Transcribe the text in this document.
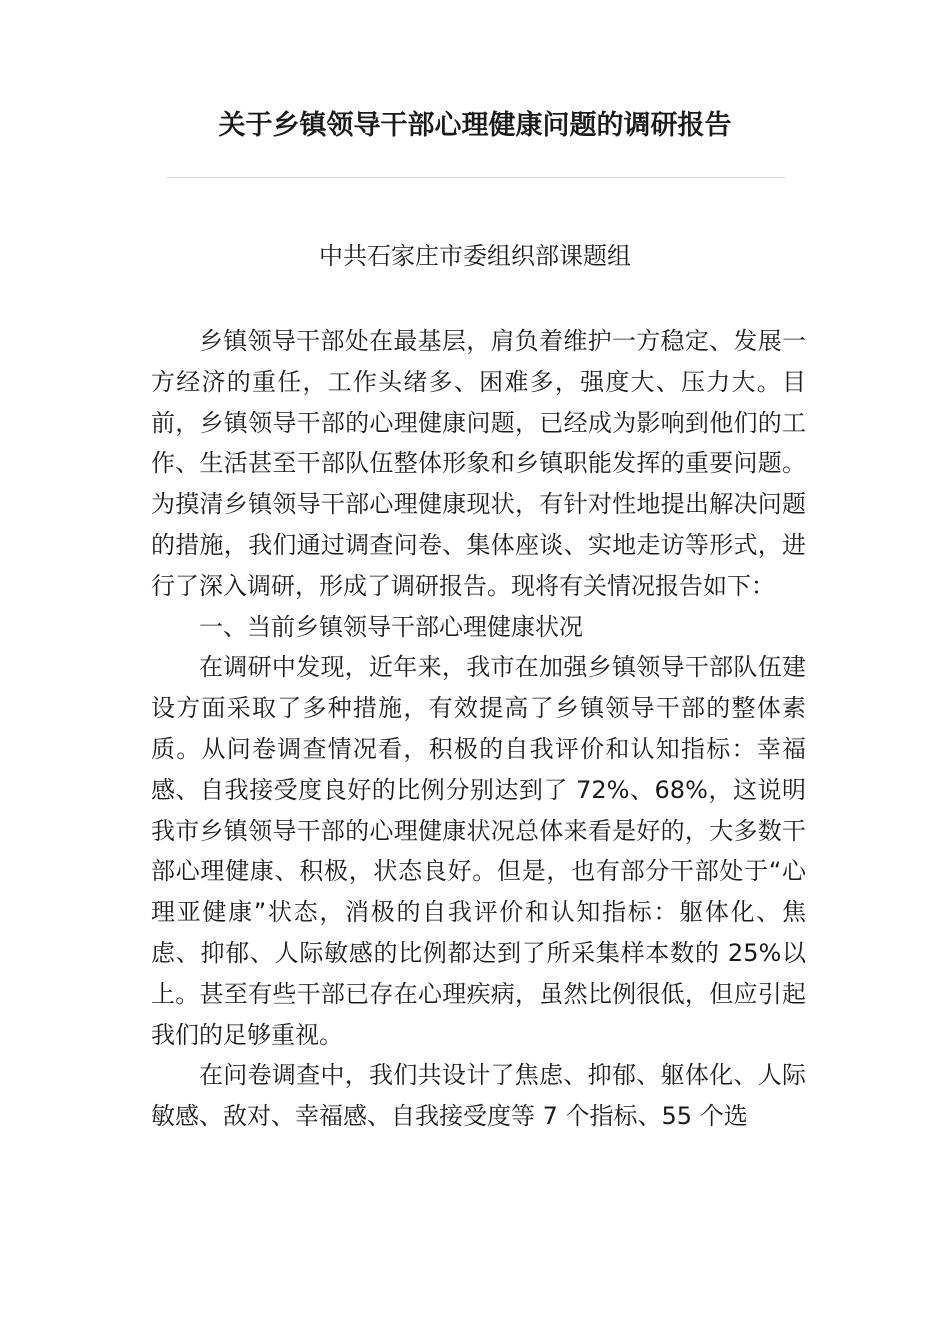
关于乡镇领导干部心理健康问题的调研报告

中共石家庄市委组织部课题组

乡镇领导干部处在最基层，肩负着维护一方稳定、发展一方经济的重任，工作头绪多、困难多，强度大、压力大。目前，乡镇领导干部的心理健康问题，已经成为影响到他们的工作、生活甚至干部队伍整体形象和乡镇职能发挥的重要问题。为摸清乡镇领导干部心理健康现状，有针对性地提出解决问题的措施，我们通过调查问卷、集体座谈、实地走访等形式，进行了深入调研，形成了调研报告。现将有关情况报告如下：

一、当前乡镇领导干部心理健康状况

在调研中发现，近年来，我市在加强乡镇领导干部队伍建设方面采取了多种措施，有效提高了乡镇领导干部的整体素质。从问卷调查情况看，积极的自我评价和认知指标：幸福感、自我接受度良好的比例分别达到了 72%、68%，这说明我市乡镇领导干部的心理健康状况总体来看是好的，大多数干部心理健康、积极，状态良好。但是，也有部分干部处于“心理亚健康”状态，消极的自我评价和认知指标：躯体化、焦虑、抑郁、人际敏感的比例都达到了所采集样本数的 25%以上。甚至有些干部已存在心理疾病，虽然比例很低，但应引起我们的足够重视。

在问卷调查中，我们共设计了焦虑、抑郁、躯体化、人际敏感、敌对、幸福感、自我接受度等 7 个指标、55 个选
